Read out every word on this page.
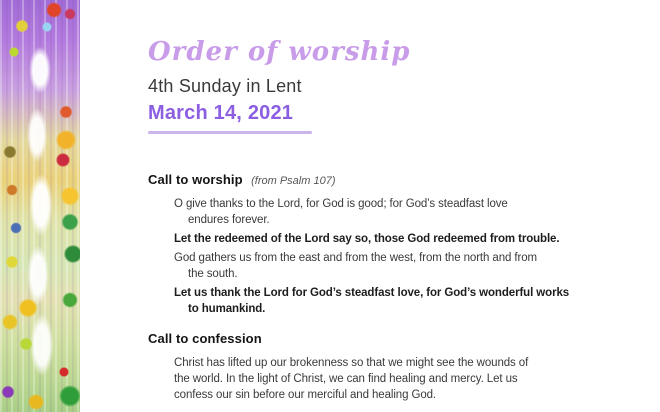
Order of worship
4th Sunday in Lent
March 14, 2021
Call to worship (from Psalm 107)
O give thanks to the Lord, for God is good; for God’s steadfast love
endures forever.
Let the redeemed of the Lord say so, those God redeemed from trouble.
God gathers us from the east and from the west, from the north and from
the south.
Let us thank the Lord for God’s steadfast love, for God’s wonderful works
to humankind.
Call to confession
Christ has lifted up our brokenness so that we might see the wounds of
the world. In the light of Christ, we can find healing and mercy. Let us
confess our sin before our merciful and healing God.
